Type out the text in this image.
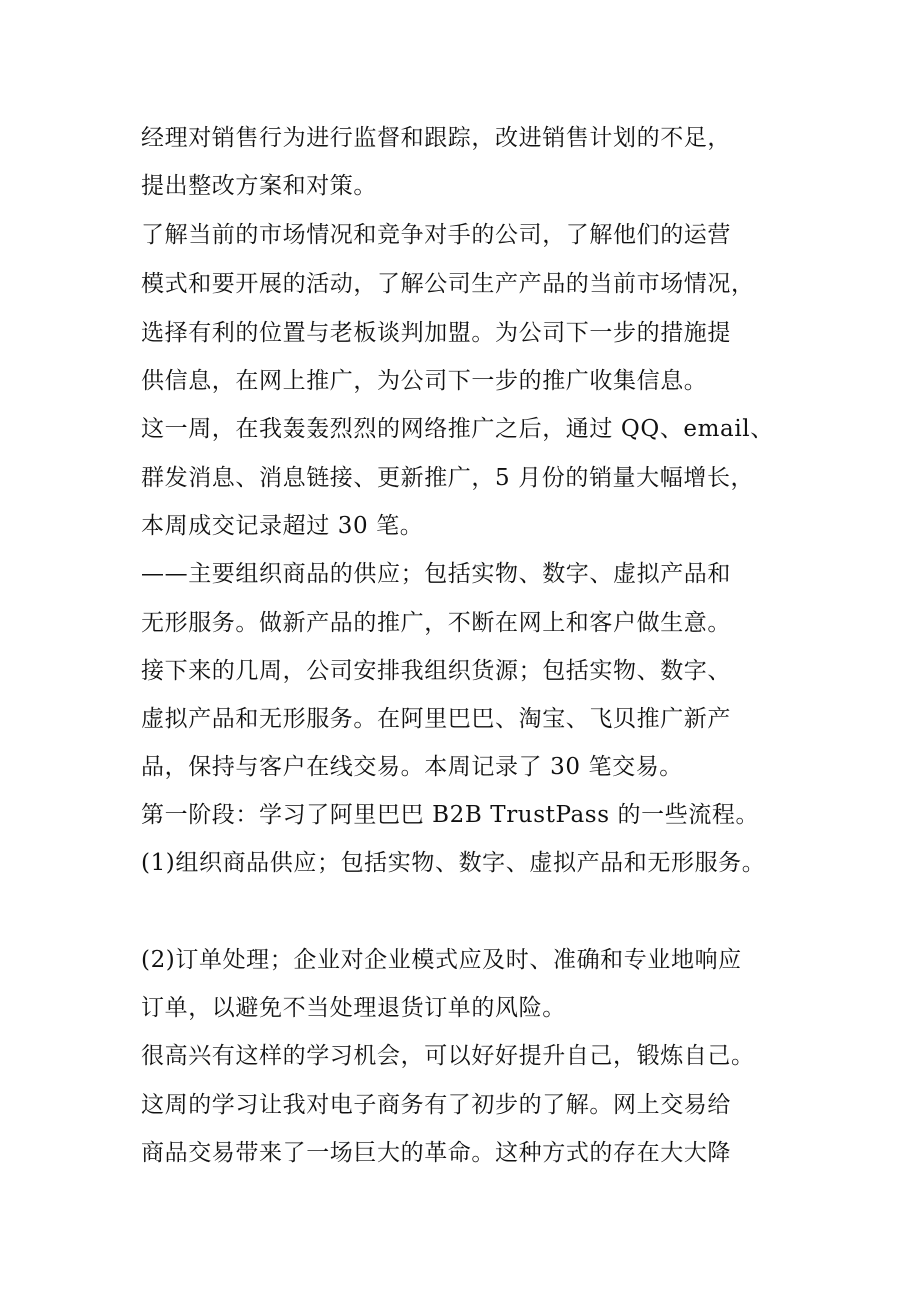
经理对销售行为进行监督和跟踪，改进销售计划的不足，
提出整改方案和对策。
了解当前的市场情况和竞争对手的公司，了解他们的运营
模式和要开展的活动，了解公司生产产品的当前市场情况，
选择有利的位置与老板谈判加盟。为公司下一步的措施提
供信息，在网上推广，为公司下一步的推广收集信息。
这一周，在我轰轰烈烈的网络推广之后，通过 QQ、email、
群发消息、消息链接、更新推广，5 月份的销量大幅增长，
本周成交记录超过 30 笔。
——主要组织商品的供应；包括实物、数字、虚拟产品和
无形服务。做新产品的推广，不断在网上和客户做生意。
接下来的几周，公司安排我组织货源；包括实物、数字、
虚拟产品和无形服务。在阿里巴巴、淘宝、飞贝推广新产
品，保持与客户在线交易。本周记录了 30 笔交易。
第一阶段：学习了阿里巴巴 B2B TrustPass 的一些流程。
(1)组织商品供应；包括实物、数字、虚拟产品和无形服务。
(2)订单处理；企业对企业模式应及时、准确和专业地响应
订单，以避免不当处理退货订单的风险。
很高兴有这样的学习机会，可以好好提升自己，锻炼自己。
这周的学习让我对电子商务有了初步的了解。网上交易给
商品交易带来了一场巨大的革命。这种方式的存在大大降
